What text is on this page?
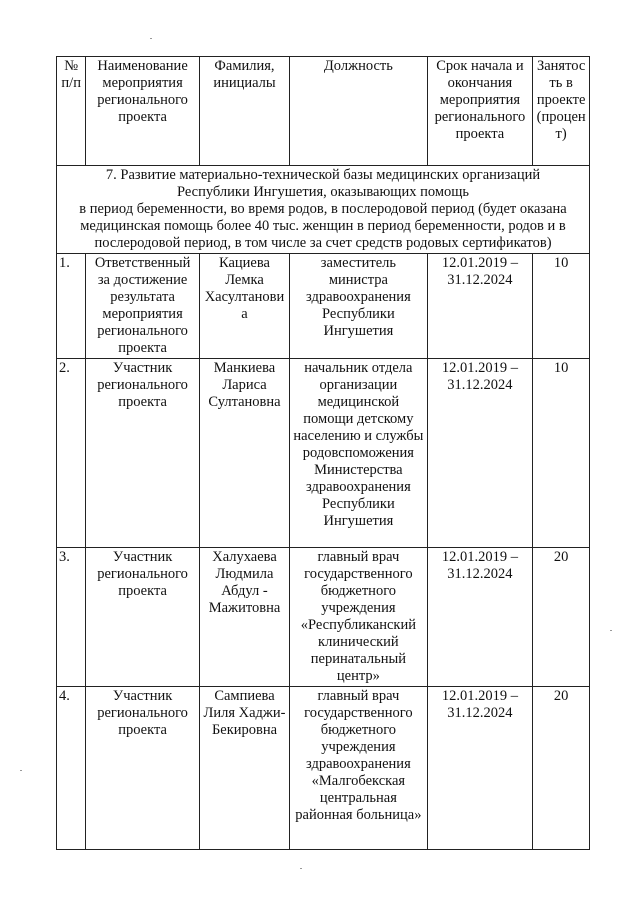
№ п/п	Наименование мероприятия регионального проекта	Фамилия, инициалы	Должность	Срок начала и окончания мероприятия регионального проекта	Занятость в проекте (процент)

7. Развитие материально-технической базы медицинских организаций
Республики Ингушетия, оказывающих помощь
в период беременности, во время родов, в послеродовой период (будет оказана медицинская помощь более 40 тыс. женщин в период беременности, родов и в послеродовой период, в том числе за счет средств родовых сертификатов)					

1.	Ответственный за достижение результата мероприятия регионального проекта	Кациева Лемка Хасултанови а	заместитель министра здравоохранения Республики Ингушетия	12.01.2019 – 31.12.2024	10
2.	Участник регионального проекта	Манкиева Лариса Султановна	начальник отдела организации медицинской помощи детскому населению и службы родовспоможения Министерства здравоохранения Республики Ингушетия	12.01.2019 – 31.12.2024	10
3.	Участник регионального проекта	Халухаева Людмила Абдул - Мажитовна	главный врач государственного бюджетного учреждения «Республиканский клинический перинатальный центр»	12.01.2019 – 31.12.2024	20
4.	Участник регионального проекта	Сампиева Лиля Хаджи-Бекировна	главный врач государственного бюджетного учреждения здравоохранения «Малгобекская центральная районная больница»	12.01.2019 – 31.12.2024	20
